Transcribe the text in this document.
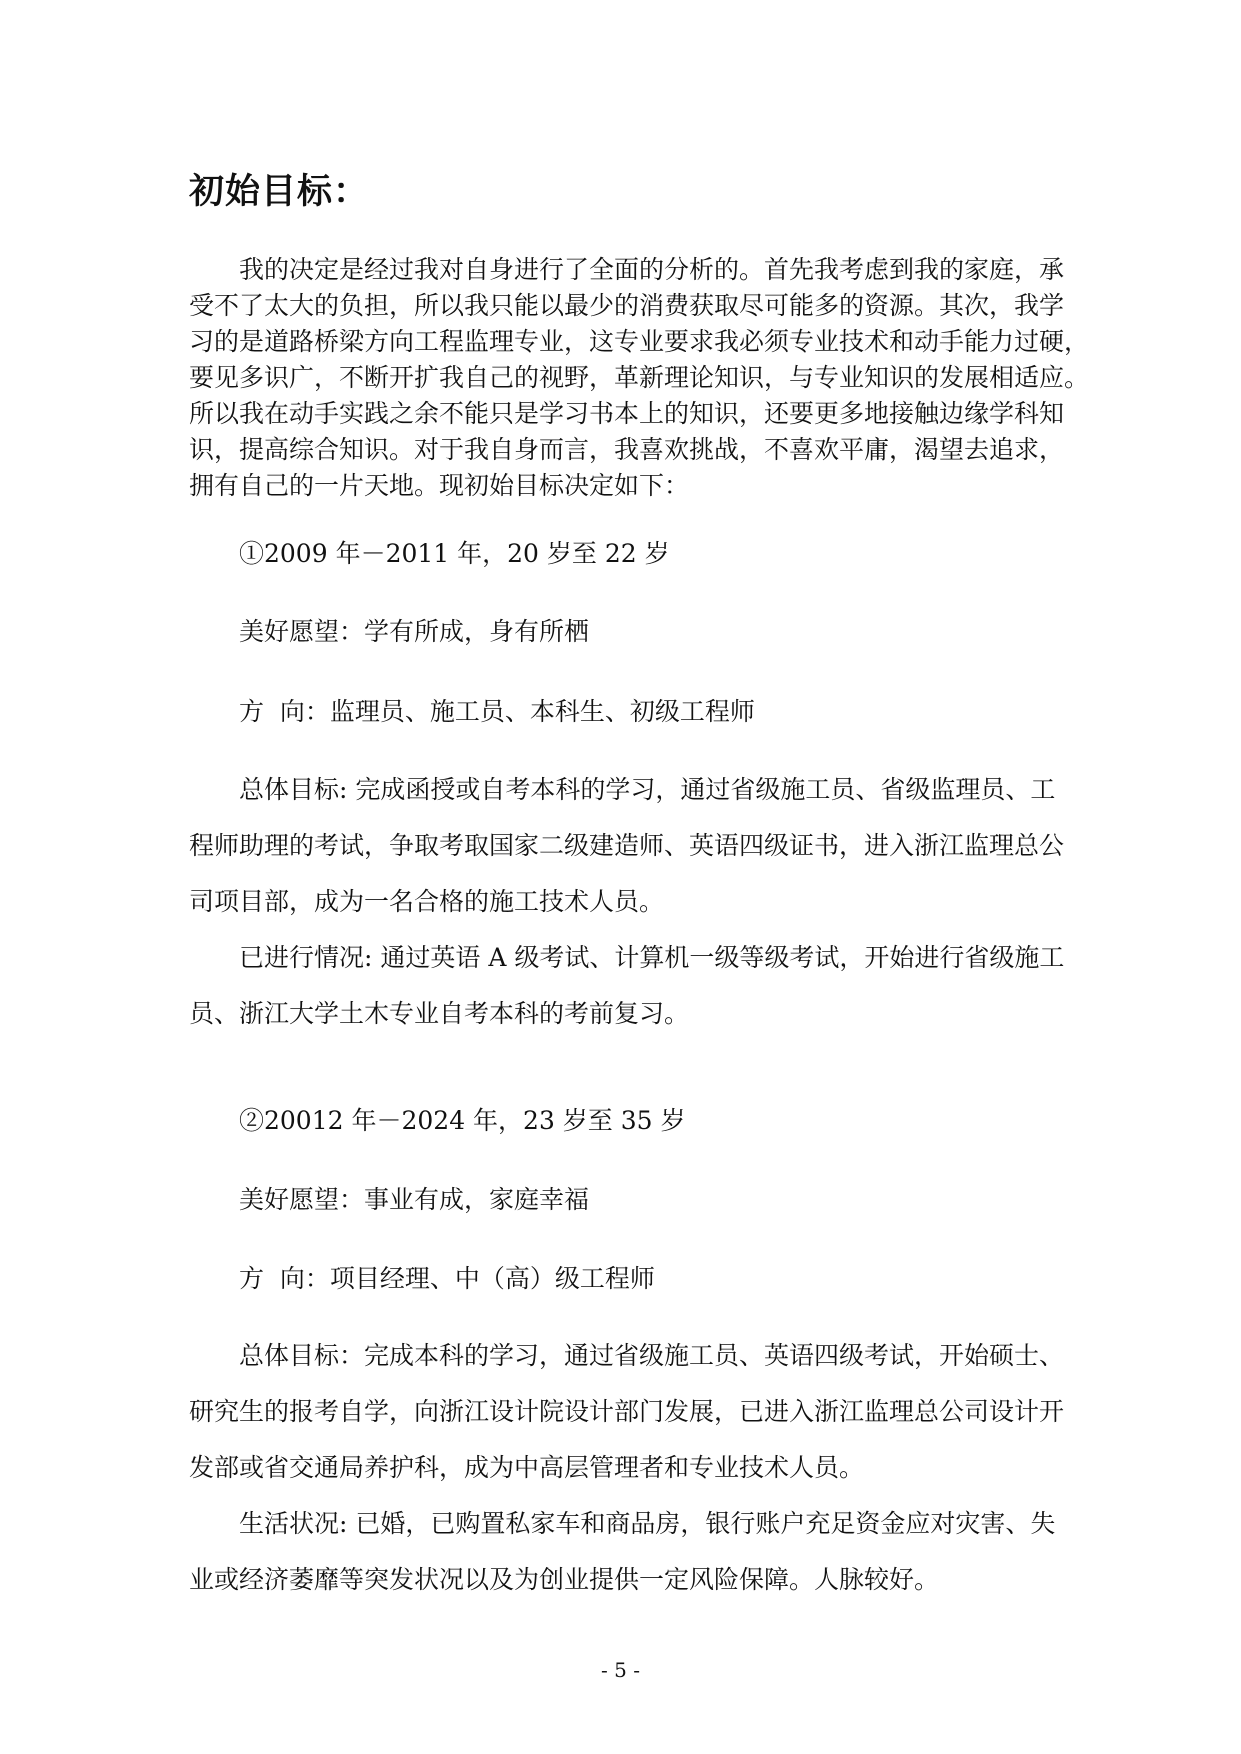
初始目标：

我的决定是经过我对自身进行了全面的分析的。首先我考虑到我的家庭，承
受不了太大的负担，所以我只能以最少的消费获取尽可能多的资源。其次，我学
习的是道路桥梁方向工程监理专业，这专业要求我必须专业技术和动手能力过硬，
要见多识广，不断开扩我自己的视野，革新理论知识，与专业知识的发展相适应。
所以我在动手实践之余不能只是学习书本上的知识，还要更多地接触边缘学科知
识，提高综合知识。对于我自身而言，我喜欢挑战，不喜欢平庸，渴望去追求，
拥有自己的一片天地。现初始目标决定如下：

①2009 年－2011 年，20 岁至 22 岁

美好愿望：学有所成，身有所栖

方  向：监理员、施工员、本科生、初级工程师

总体目标: 完成函授或自考本科的学习，通过省级施工员、省级监理员、工
程师助理的考试，争取考取国家二级建造师、英语四级证书，进入浙江监理总公
司项目部，成为一名合格的施工技术人员。

已进行情况: 通过英语 A 级考试、计算机一级等级考试，开始进行省级施工
员、浙江大学土木专业自考本科的考前复习。

②20012 年－2024 年，23 岁至 35 岁

美好愿望：事业有成，家庭幸福

方  向：项目经理、中（高）级工程师

总体目标：完成本科的学习，通过省级施工员、英语四级考试，开始硕士、
研究生的报考自学，向浙江设计院设计部门发展，已进入浙江监理总公司设计开
发部或省交通局养护科，成为中高层管理者和专业技术人员。

生活状况: 已婚，已购置私家车和商品房，银行账户充足资金应对灾害、失
业或经济萎靡等突发状况以及为创业提供一定风险保障。人脉较好。

- 5 -
